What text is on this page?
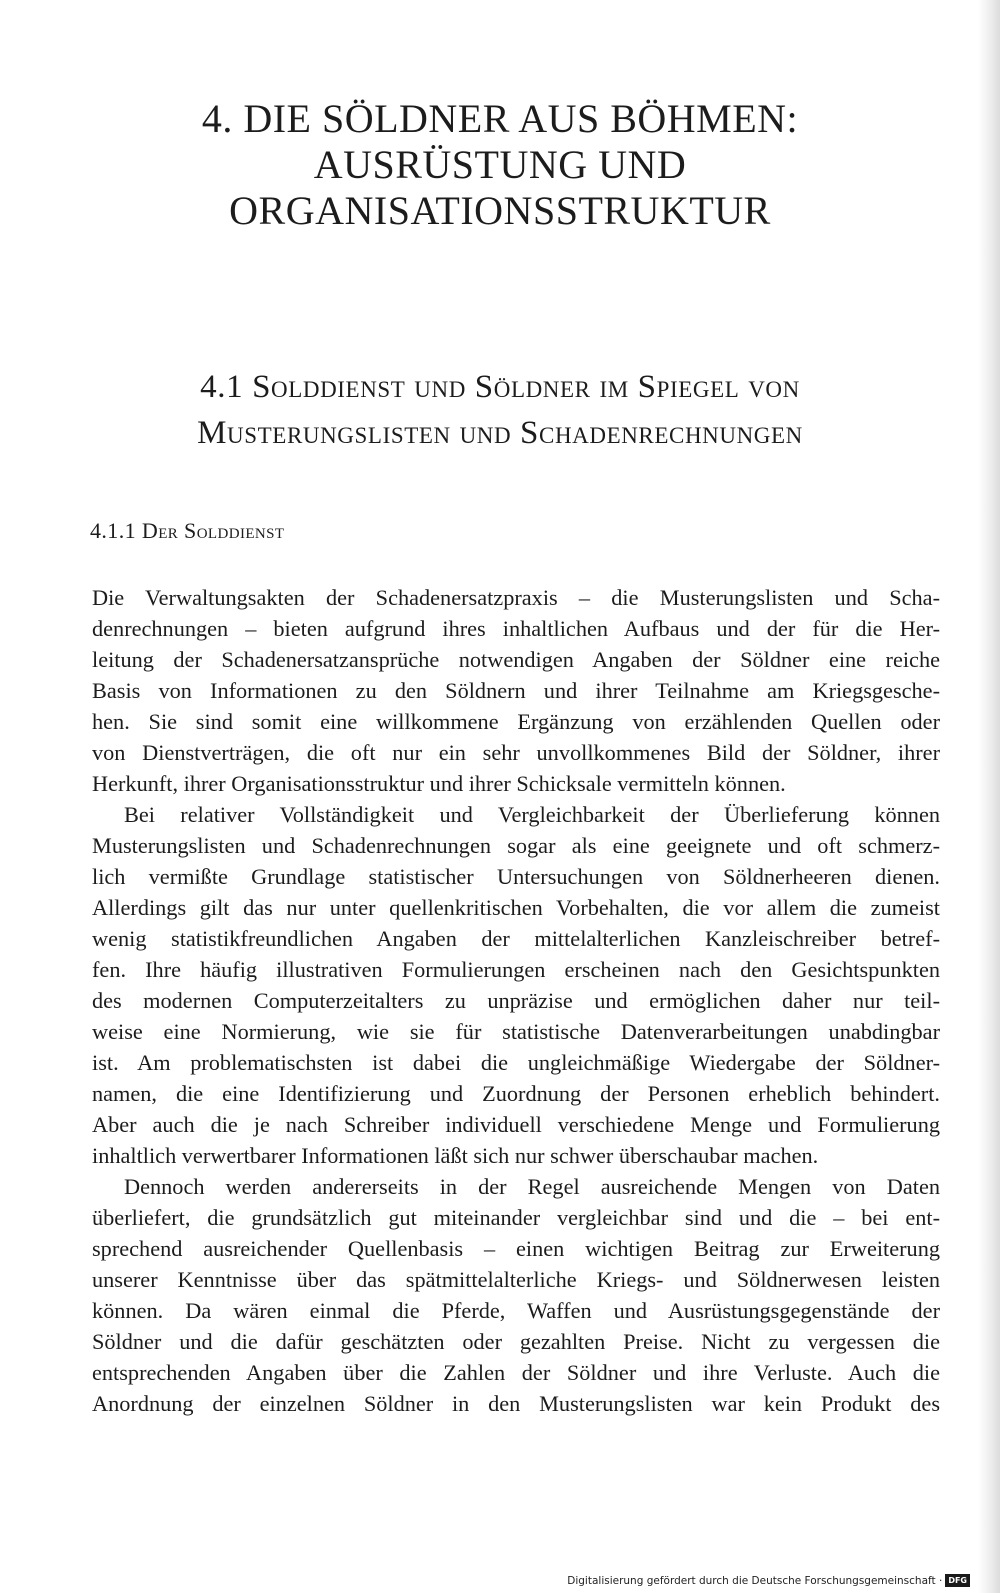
4. DIE SÖLDNER AUS BÖHMEN:
AUSRÜSTUNG UND
ORGANISATIONSSTRUKTUR
4.1 Solddienst und Söldner im Spiegel von
Musterungslisten und Schadenrechnungen
4.1.1 Der Solddienst
Die Verwaltungsakten der Schadenersatzpraxis – die Musterungslisten und Scha-
denrechnungen – bieten aufgrund ihres inhaltlichen Aufbaus und der für die Her-
leitung der Schadenersatzansprüche notwendigen Angaben der Söldner eine reiche
Basis von Informationen zu den Söldnern und ihrer Teilnahme am Kriegsgesche-
hen. Sie sind somit eine willkommene Ergänzung von erzählenden Quellen oder
von Dienstverträgen, die oft nur ein sehr unvollkommenes Bild der Söldner, ihrer
Herkunft, ihrer Organisationsstruktur und ihrer Schicksale vermitteln können.
Bei relativer Vollständigkeit und Vergleichbarkeit der Überlieferung können
Musterungslisten und Schadenrechnungen sogar als eine geeignete und oft schmerz-
lich vermißte Grundlage statistischer Untersuchungen von Söldnerheeren dienen.
Allerdings gilt das nur unter quellenkritischen Vorbehalten, die vor allem die zumeist
wenig statistikfreundlichen Angaben der mittelalterlichen Kanzleischreiber betref-
fen. Ihre häufig illustrativen Formulierungen erscheinen nach den Gesichtspunkten
des modernen Computerzeitalters zu unpräzise und ermöglichen daher nur teil-
weise eine Normierung, wie sie für statistische Datenverarbeitungen unabdingbar
ist. Am problematischsten ist dabei die ungleichmäßige Wiedergabe der Söldner-
namen, die eine Identifizierung und Zuordnung der Personen erheblich behindert.
Aber auch die je nach Schreiber individuell verschiedene Menge und Formulierung
inhaltlich verwertbarer Informationen läßt sich nur schwer überschaubar machen.
Dennoch werden andererseits in der Regel ausreichende Mengen von Daten
überliefert, die grundsätzlich gut miteinander vergleichbar sind und die – bei ent-
sprechend ausreichender Quellenbasis – einen wichtigen Beitrag zur Erweiterung
unserer Kenntnisse über das spätmittelalterliche Kriegs- und Söldnerwesen leisten
können. Da wären einmal die Pferde, Waffen und Ausrüstungsgegenstände der
Söldner und die dafür geschätzten oder gezahlten Preise. Nicht zu vergessen die
entsprechenden Angaben über die Zahlen der Söldner und ihre Verluste. Auch die
Anordnung der einzelnen Söldner in den Musterungslisten war kein Produkt des
Digitalisierung gefördert durch die Deutsche Forschungsgemeinschaft · DFG
